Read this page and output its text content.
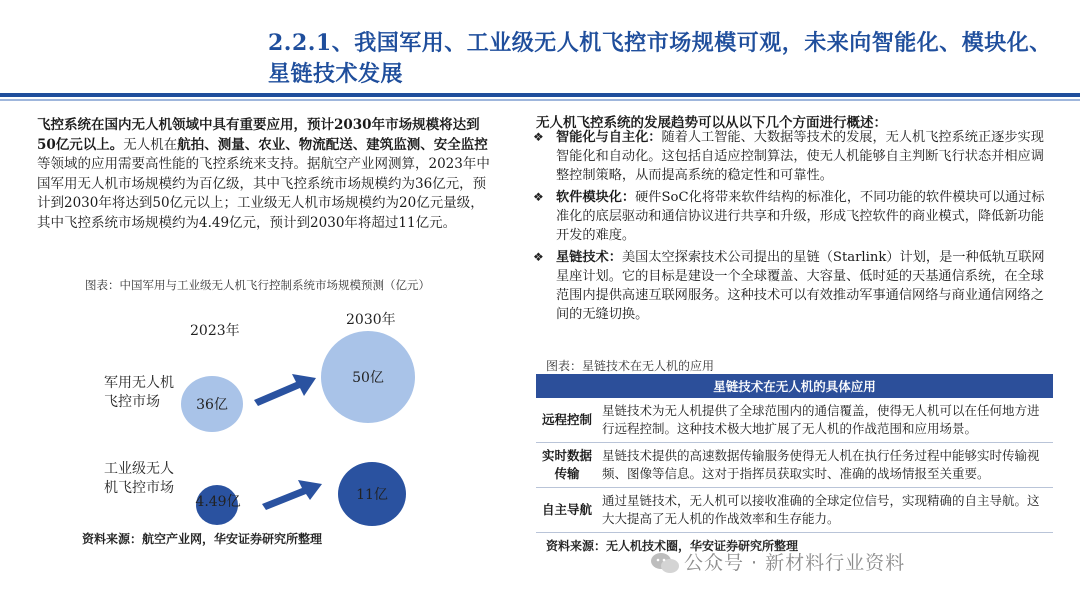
2.2.1、我国军用、工业级无人机飞控市场规模可观，未来向智能化、模块化、星链技术发展
飞控系统在国内无人机领域中具有重要应用，预计2030年市场规模将达到50亿元以上。无人机在航拍、测量、农业、物流配送、建筑监测、安全监控等领域的应用需要高性能的飞控系统来支持。据航空产业网测算，2023年中国军用无人机市场规模约为百亿级，其中飞控系统市场规模约为36亿元，预计到2030年将达到50亿元以上；工业级无人机市场规模约为20亿元量级，其中飞控系统市场规模约为4.49亿元，预计到2030年将超过11亿元。
图表：中国军用与工业级无人机飞行控制系统市场规模预测（亿元）
2023年
2030年
军用无人机飞控市场
工业级无人机飞控市场
36亿
50亿
4.49亿	11亿
资料来源：航空产业网，华安证券研究所整理
无人机飞控系统的发展趋势可以从以下几个方面进行概述：
❖ 智能化与自主化：随着人工智能、大数据等技术的发展，无人机飞控系统正逐步实现智能化和自动化。这包括自适应控制算法，使无人机能够自主判断飞行状态并相应调整控制策略，从而提高系统的稳定性和可靠性。
❖ 软件模块化：硬件SoC化将带来软件结构的标准化，不同功能的软件模块可以通过标准化的底层驱动和通信协议进行共享和升级，形成飞控软件的商业模式，降低新功能开发的难度。
❖ 星链技术：美国太空探索技术公司提出的星链（Starlink）计划，是一种低轨互联网星座计划。它的目标是建设一个全球覆盖、大容量、低时延的天基通信系统，在全球范围内提供高速互联网服务。这种技术可以有效推动军事通信网络与商业通信网络之间的无缝切换。
图表：星链技术在无人机的应用
星链技术在无人机的具体应用	
远程控制	星链技术为无人机提供了全球范围内的通信覆盖，使得无人机可以在任何地方进行远程控制。这种技术极大地扩展了无人机的作战范围和应用场景。
实时数据传输	星链技术提供的高速数据传输服务使得无人机在执行任务过程中能够实时传输视频、图像等信息。这对于指挥员获取实时、准确的战场情报至关重要。
自主导航	通过星链技术，无人机可以接收准确的全球定位信号，实现精确的自主导航。这大大提高了无人机的作战效率和生存能力。
资料来源：无人机技术圈，华安证券研究所整理
公众号 · 新材料行业资料
